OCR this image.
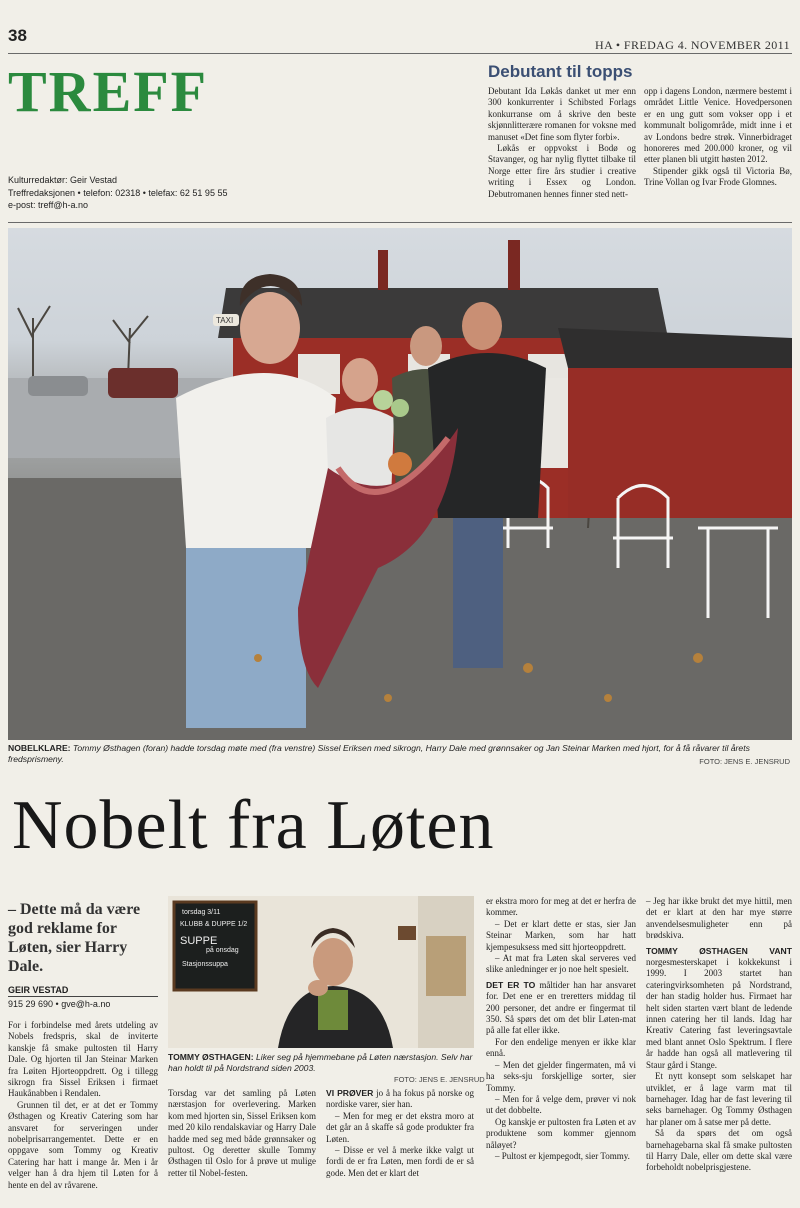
38	HA • FREDAG 4. NOVEMBER 2011
TREFF
Kulturredaktør: Geir Vestad
Treffredaksjonen • telefon: 02318 • telefax: 62 51 95 55
e-post: treff@h-a.no
Debutant til topps

Debutant Ida Løkås danket ut mer enn 300 konkurrenter i Schibsted Forlags konkurranse om å skrive den beste skjønnlitterære romanen for voksne med manuset «Det fine som flyter forbi».

Løkås er oppvokst i Bodø og Stavanger, og har nylig flyttet tilbake til Norge etter fire års studier i creative writing i Essex og London. Debutromanen hennes finner sted nett-

opp i dagens London, nærmere bestemt i området Little Venice. Hovedpersonen er en ung gutt som vokser opp i et kommunalt boligområde, midt inne i et av Londons bedre strøk. Vinnerbidraget honoreres med 200.000 kroner, og vil etter planen bli utgitt høsten 2012.

Stipender gikk også til Victoria Bø, Trine Vollan og Ivar Frode Glomnes.

TAXI
NOBELKLARE: Tommy Østhagen (foran) hadde torsdag møte med (fra venstre) Sissel Eriksen med sikrogn, Harry Dale med grønnsaker og Jan Steinar Marken med hjort, for å få råvarer til årets fredsprismeny.	FOTO: JENS E. JENSRUD
Nobelt fra Løten
– Dette må da være god reklame for Løten, sier Harry Dale.
GEIR VESTAD
915 29 690 • gve@h-a.no

For i forbindelse med årets utdeling av Nobels fredspris, skal de inviterte kanskje få smake pultosten til Harry Dale. Og hjorten til Jan Steinar Marken fra Løiten Hjorteoppdrett. Og i tillegg sikrogn fra Sissel Eriksen i firmaet Haukånabben i Rendalen.

Grunnen til det, er at det er Tommy Østhagen og Kreativ Catering som har ansvaret for serveringen under nobelprisarrangementet. Dette er en oppgave som Tommy og Kreativ Catering har hatt i mange år. Men i år velger han å dra hjem til Løten for å hente en del av råvarene.

torsdag 3/11
KLUBB & DUPPE 1/2
SUPPE
på onsdag
Stasjonssuppa
TOMMY ØSTHAGEN: Liker seg på hjemmebane på Løten nærstasjon. Selv har han holdt til på Nordstrand siden 2003.
FOTO: JENS E. JENSRUD

Torsdag var det samling på Løten nærstasjon for overlevering. Marken kom med hjorten sin, Sissel Eriksen kom med 20 kilo rendalskaviar og Harry Dale hadde med seg med både grønnsaker og pultost. Og deretter skulle Tommy Østhagen til Oslo for å prøve ut mulige retter til Nobel-festen.

VI PRØVER jo å ha fokus på norske og nordiske varer, sier han.

– Men for meg er det ekstra moro at det går an å skaffe så gode produkter fra Løten.

– Disse er vel å merke ikke valgt ut fordi de er fra Løten, men fordi de er så gode. Men det er klart det

er ekstra moro for meg at det er herfra de kommer.

– Det er klart dette er stas, sier Jan Steinar Marken, som har hatt kjempesuksess med sitt hjorteoppdrett.

– At mat fra Løten skal serveres ved slike anledninger er jo noe helt spesielt.

DET ER TO måltider han har ansvaret for. Det ene er en treretters middag til 200 personer, det andre er fingermat til 350. Så spørs det om det blir Løten-mat på alle fat eller ikke.

For den endelige menyen er ikke klar ennå.

– Men det gjelder fingermaten, må vi ha seks-sju forskjellige sorter, sier Tommy.

– Men for å velge dem, prøver vi nok ut det dobbelte.

Og kanskje er pultosten fra Løten et av produktene som kommer gjennom nåløyet?

– Pultost er kjempegodt, sier Tommy.

– Jeg har ikke brukt det mye hittil, men det er klart at den har mye større anvendelsesmuligheter enn på brødskiva.

TOMMY ØSTHAGEN VANT norgesmesterskapet i kokkekunst i 1999. I 2003 startet han cateringvirksomheten på Nordstrand, der han stadig holder hus. Firmaet har helt siden starten vært blant de ledende innen catering her til lands. Idag har Kreativ Catering fast leveringsavtale med blant annet Oslo Spektrum. I flere år hadde han også all matlevering til Staur gård i Stange.

Et nytt konsept som selskapet har utviklet, er å lage varm mat til barnehager. Idag har de fast levering til seks barnehager. Og Tommy Østhagen har planer om å satse mer på dette.

Så da spørs det om også barnehagebarna skal få smake pultosten til Harry Dale, eller om dette skal være forbeholdt nobelprisgjestene.
